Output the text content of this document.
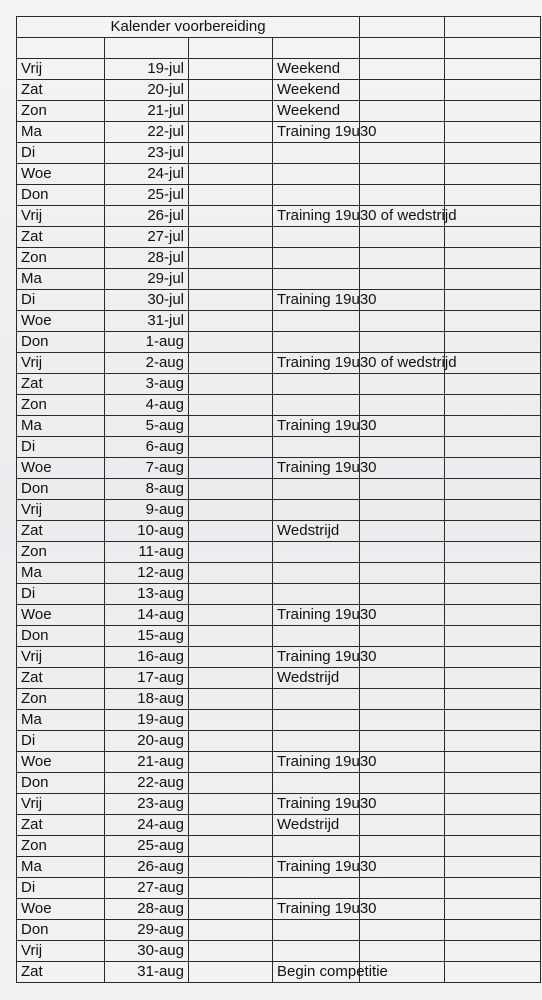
Kalender voorbereiding					

Vrij	19-jul		Weekend		
Zat	20-jul		Weekend		
Zon	21-jul		Weekend		
Ma	22-jul		Training 19u30		
Di	23-jul				
Woe	24-jul				
Don	25-jul				
Vrij	26-jul		Training 19u30 of wedstrijd		
Zat	27-jul				
Zon	28-jul				
Ma	29-jul				
Di	30-jul		Training 19u30		
Woe	31-jul				
Don	1-aug				
Vrij	2-aug		Training 19u30 of wedstrijd		
Zat	3-aug				
Zon	4-aug				
Ma	5-aug		Training 19u30		
Di	6-aug				
Woe	7-aug		Training 19u30		
Don	8-aug				
Vrij	9-aug				
Zat	10-aug		Wedstrijd		
Zon	11-aug				
Ma	12-aug				
Di	13-aug				
Woe	14-aug		Training 19u30		
Don	15-aug				
Vrij	16-aug		Training 19u30		
Zat	17-aug		Wedstrijd		
Zon	18-aug				
Ma	19-aug				
Di	20-aug				
Woe	21-aug		Training 19u30		
Don	22-aug				
Vrij	23-aug		Training 19u30		
Zat	24-aug		Wedstrijd		
Zon	25-aug				
Ma	26-aug		Training 19u30		
Di	27-aug				
Woe	28-aug		Training 19u30		
Don	29-aug				
Vrij	30-aug				
Zat	31-aug		Begin competitie		
